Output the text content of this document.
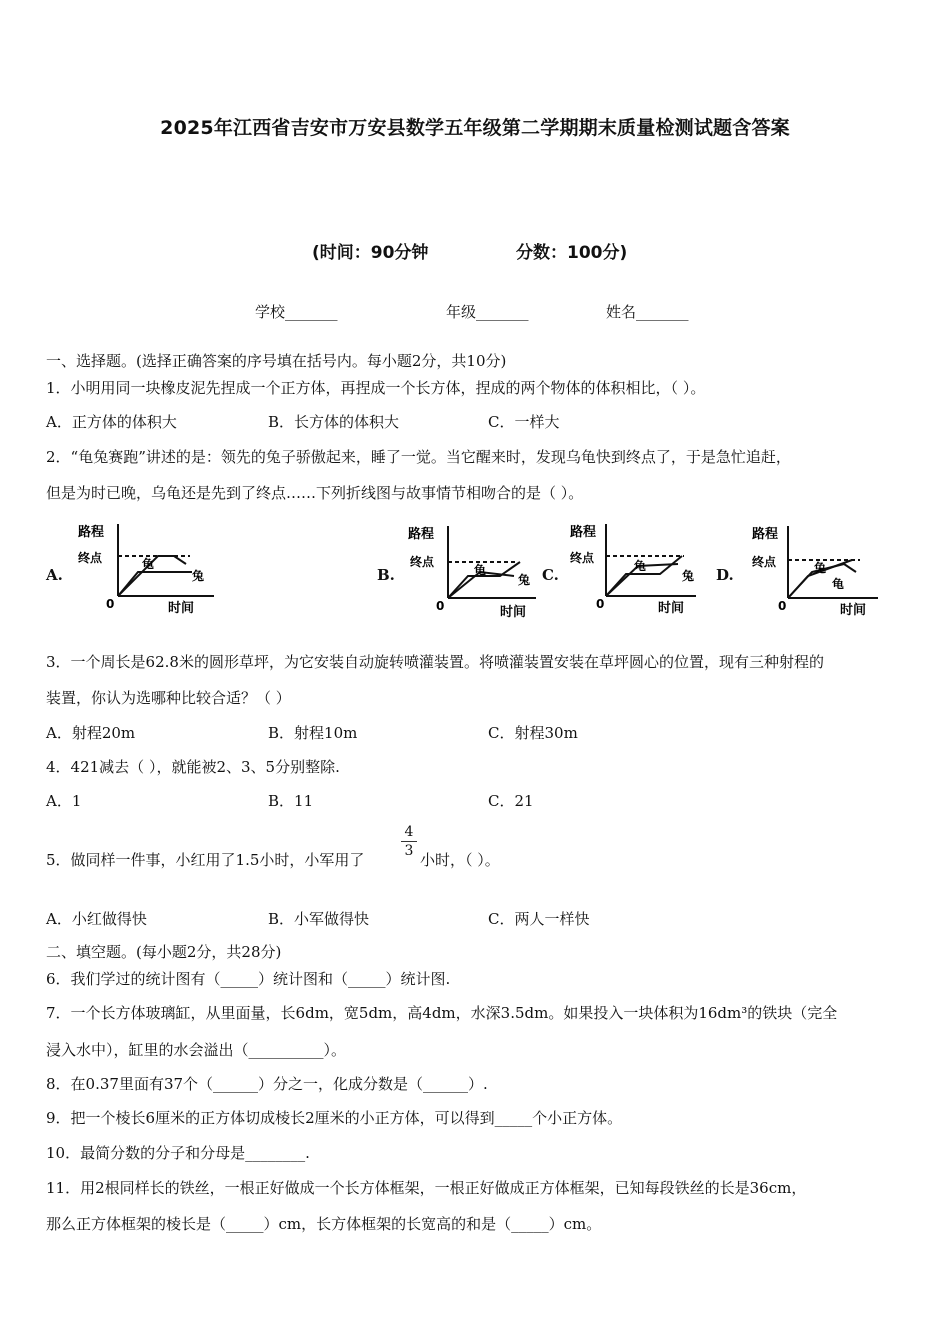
2025年江西省吉安市万安县数学五年级第二学期期末质量检测试题含答案
(时间：90分钟	分数：100分)
学校_______	年级_______	姓名_______
一、选择题。(选择正确答案的序号填在括号内。每小题2分，共10分)
1．小明用同一块橡皮泥先捏成一个正方体，再捏成一个长方体，捏成的两个物体的体积相比，（ ）。
A．正方体的体积大	B．长方体的体积大	C．一样大
2．“龟兔赛跑”讲述的是：领先的兔子骄傲起来，睡了一觉。当它醒来时，发现乌龟快到终点了，于是急忙追赶，
但是为时已晚，乌龟还是先到了终点……下列折线图与故事情节相吻合的是（ ）。
A.	B.	C.	D.
路程
终点
0	时间
龟
兔
路程
终点
0	时间
龟
兔
路程
终点
0	时间
龟
兔
路程
终点
0	时间
兔
龟
3．一个周长是62.8米的圆形草坪，为它安装自动旋转喷灌装置。将喷灌装置安装在草坪圆心的位置，现有三种射程的
装置，你认为选哪种比较合适？（ ）
A．射程20m	B．射程10m	C．射程30m
4．421减去（ ），就能被2、3、5分别整除.
A．1	B．11	C．21
5．做同样一件事，小红用了1.5小时，小军用了
4
3 小时，（ ）。
A．小红做得快	B．小军做得快	C．两人一样快
二、填空题。(每小题2分，共28分)
6．我们学过的统计图有（_____）统计图和（_____）统计图.
7．一个长方体玻璃缸，从里面量，长6dm，宽5dm，高4dm，水深3.5dm。如果投入一块体积为16dm³的铁块（完全
浸入水中），缸里的水会溢出（__________）。
8．在0.37里面有37个（______）分之一，化成分数是（______）.
9．把一个棱长6厘米的正方体切成棱长2厘米的小正方体，可以得到_____个小正方体。
10．最简分数的分子和分母是________.
11．用2根同样长的铁丝，一根正好做成一个长方体框架，一根正好做成正方体框架，已知每段铁丝的长是36cm，
那么正方体框架的棱长是（_____）cm，长方体框架的长宽高的和是（_____）cm。
